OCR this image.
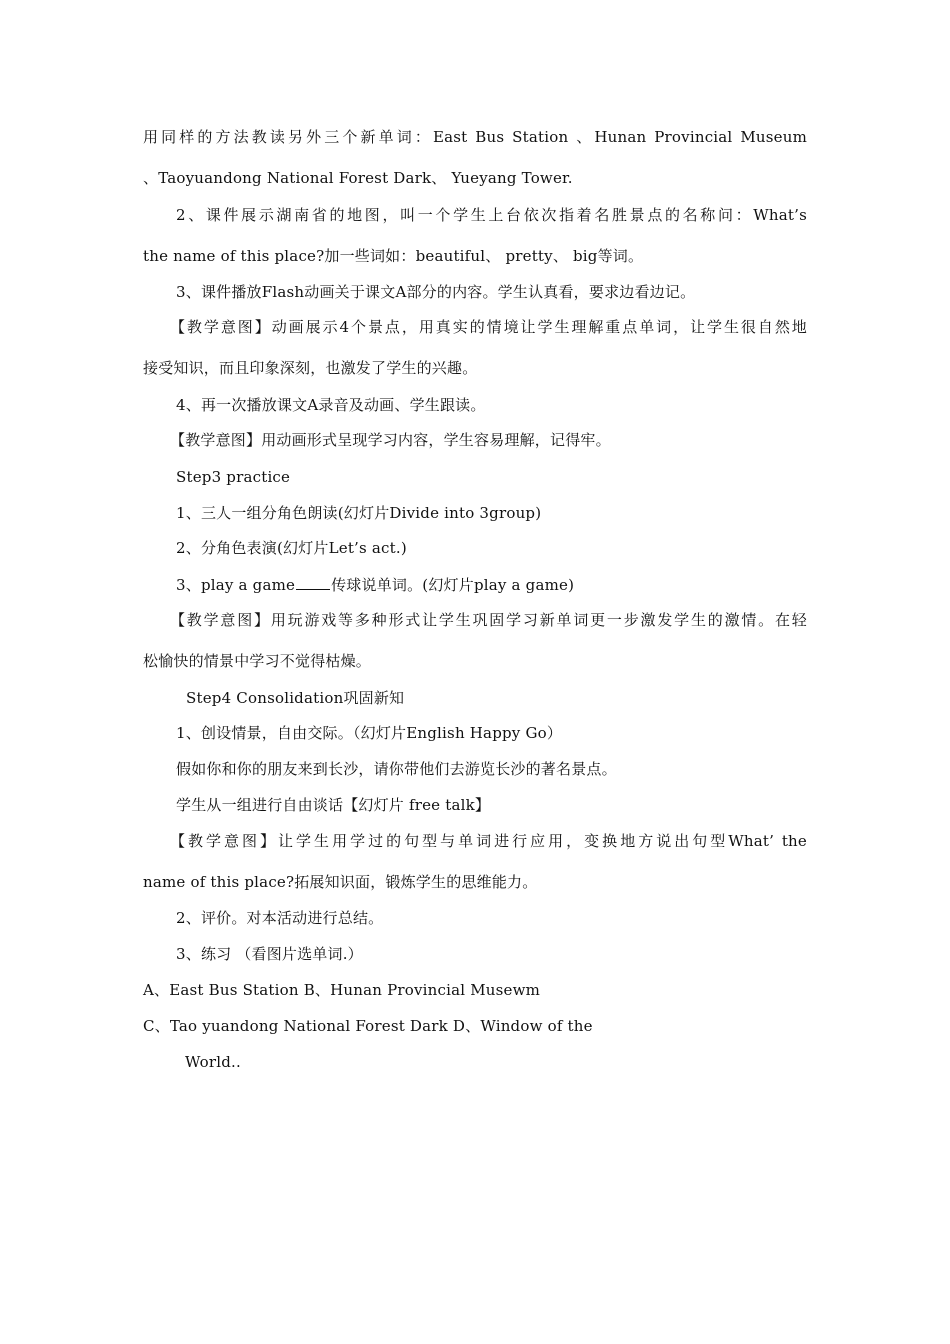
用同样的方法教读另外三个新单词：East Bus Station 、Hunan Provincial Museum
、Taoyuandong National Forest Dark、 Yueyang Tower.
2、课件展示湖南省的地图，叫一个学生上台依次指着名胜景点的名称问：What’s
the name of this place?加一些词如：beautiful、 pretty、 big等词。
3、课件播放Flash动画关于课文A部分的内容。学生认真看，要求边看边记。
【教学意图】动画展示4个景点，用真实的情境让学生理解重点单词，让学生很自然地
接受知识，而且印象深刻，也激发了学生的兴趣。
4、再一次播放课文A录音及动画、学生跟读。
【教学意图】用动画形式呈现学习内容，学生容易理解，记得牢。
Step3 practice
1、三人一组分角色朗读(幻灯片Divide into 3group)
2、分角色表演(幻灯片Let’s act.)
3、play a game 传球说单词。(幻灯片play a game)
【教学意图】用玩游戏等多种形式让学生巩固学习新单词更一步激发学生的激情。在轻
松愉快的情景中学习不觉得枯燥。
Step4 Consolidation巩固新知
1、创设情景，自由交际。（幻灯片English Happy Go）
假如你和你的朋友来到长沙，请你带他们去游览长沙的著名景点。
学生从一组进行自由谈话【幻灯片 free talk】
【教学意图】让学生用学过的句型与单词进行应用，变换地方说出句型What’ the
name of this place?拓展知识面，锻炼学生的思维能力。
2、评价。对本活动进行总结。
3、练习 （看图片选单词.）
A、East Bus Station B、Hunan Provincial Musewm
C、Tao yuandong National Forest Dark D、Window of the
World..
